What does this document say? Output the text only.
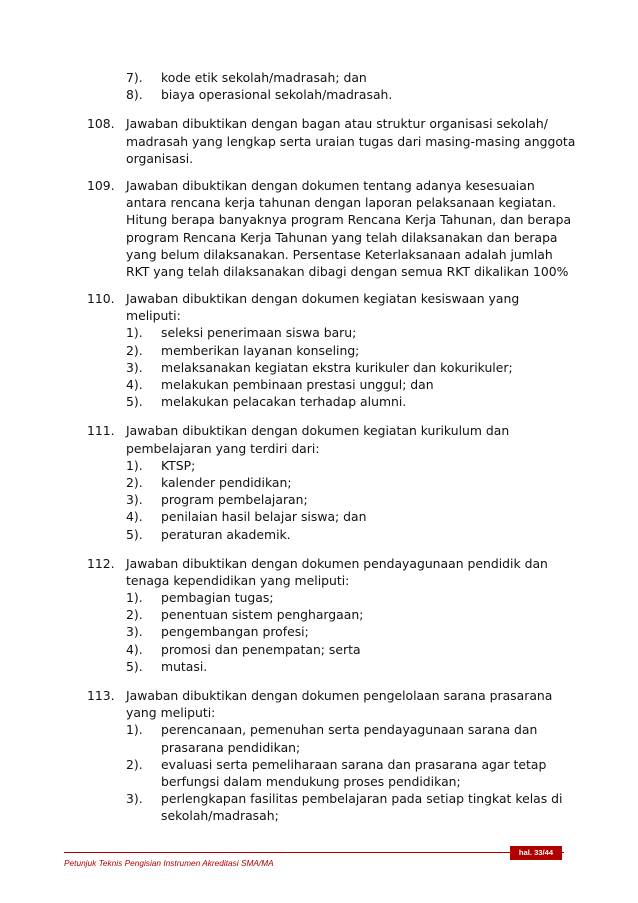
7). kode etik sekolah/madrasah; dan
8). biaya operasional sekolah/madrasah.
108. Jawaban dibuktikan dengan bagan atau struktur organisasi sekolah/
madrasah yang lengkap serta uraian tugas dari masing-masing anggota
organisasi.
109. Jawaban dibuktikan dengan dokumen tentang adanya kesesuaian
antara rencana kerja tahunan dengan laporan pelaksanaan kegiatan.
Hitung berapa banyaknya program Rencana Kerja Tahunan, dan berapa
program Rencana Kerja Tahunan yang telah dilaksanakan dan berapa
yang belum dilaksanakan. Persentase Keterlaksanaan adalah jumlah
RKT yang telah dilaksanakan dibagi dengan semua RKT dikalikan 100%
110. Jawaban dibuktikan dengan dokumen kegiatan kesiswaan yang
meliputi:
1). seleksi penerimaan siswa baru;
2). memberikan layanan konseling;
3). melaksanakan kegiatan ekstra kurikuler dan kokurikuler;
4). melakukan pembinaan prestasi unggul; dan
5). melakukan pelacakan terhadap alumni.
111. Jawaban dibuktikan dengan dokumen kegiatan kurikulum dan
pembelajaran yang terdiri dari:
1). KTSP;
2). kalender pendidikan;
3). program pembelajaran;
4). penilaian hasil belajar siswa; dan
5). peraturan akademik.
112. Jawaban dibuktikan dengan dokumen pendayagunaan pendidik dan
tenaga kependidikan yang meliputi:
1). pembagian tugas;
2). penentuan sistem penghargaan;
3). pengembangan profesi;
4). promosi dan penempatan; serta
5). mutasi.
113. Jawaban dibuktikan dengan dokumen pengelolaan sarana prasarana
yang meliputi:
1). perencanaan, pemenuhan serta pendayagunaan sarana dan
prasarana pendidikan;
2). evaluasi serta pemeliharaan sarana dan prasarana agar tetap
berfungsi dalam mendukung proses pendidikan;
3). perlengkapan fasilitas pembelajaran pada setiap tingkat kelas di
sekolah/madrasah;
hal. 33/44
Petunjuk Teknis Pengisian Instrumen Akreditasi SMA/MA
